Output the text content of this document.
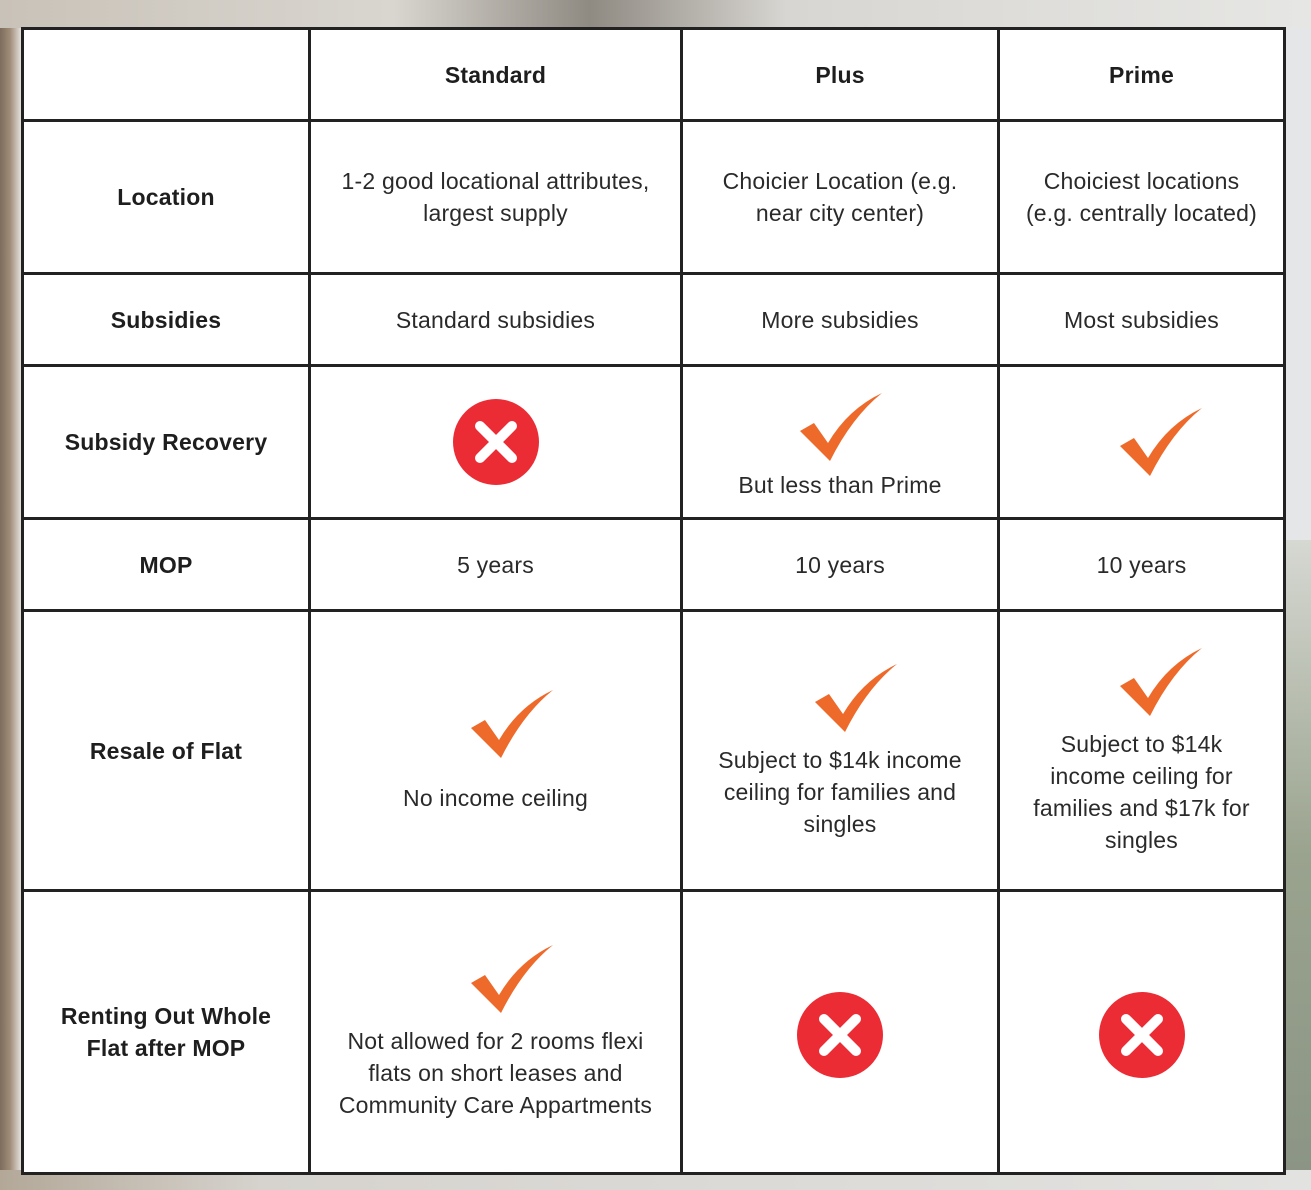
	Standard	Plus	Prime
Location	1-2 good locational attributes, largest supply	Choicier Location (e.g. near city center)	Choiciest locations (e.g. centrally located)
Subsidies	Standard subsidies	More subsidies	Most subsidies
Subsidy Recovery		But less than Prime

MOP	5 years	10 years	10 years
Resale of Flat	No income ceiling	Subject to $14k income ceiling for families and singles	Subject to $14k income ceiling for families and $17k for singles

Renting Out Whole Flat after MOP	Not allowed for 2 rooms flexi flats on short leases and Community Care Appartments
